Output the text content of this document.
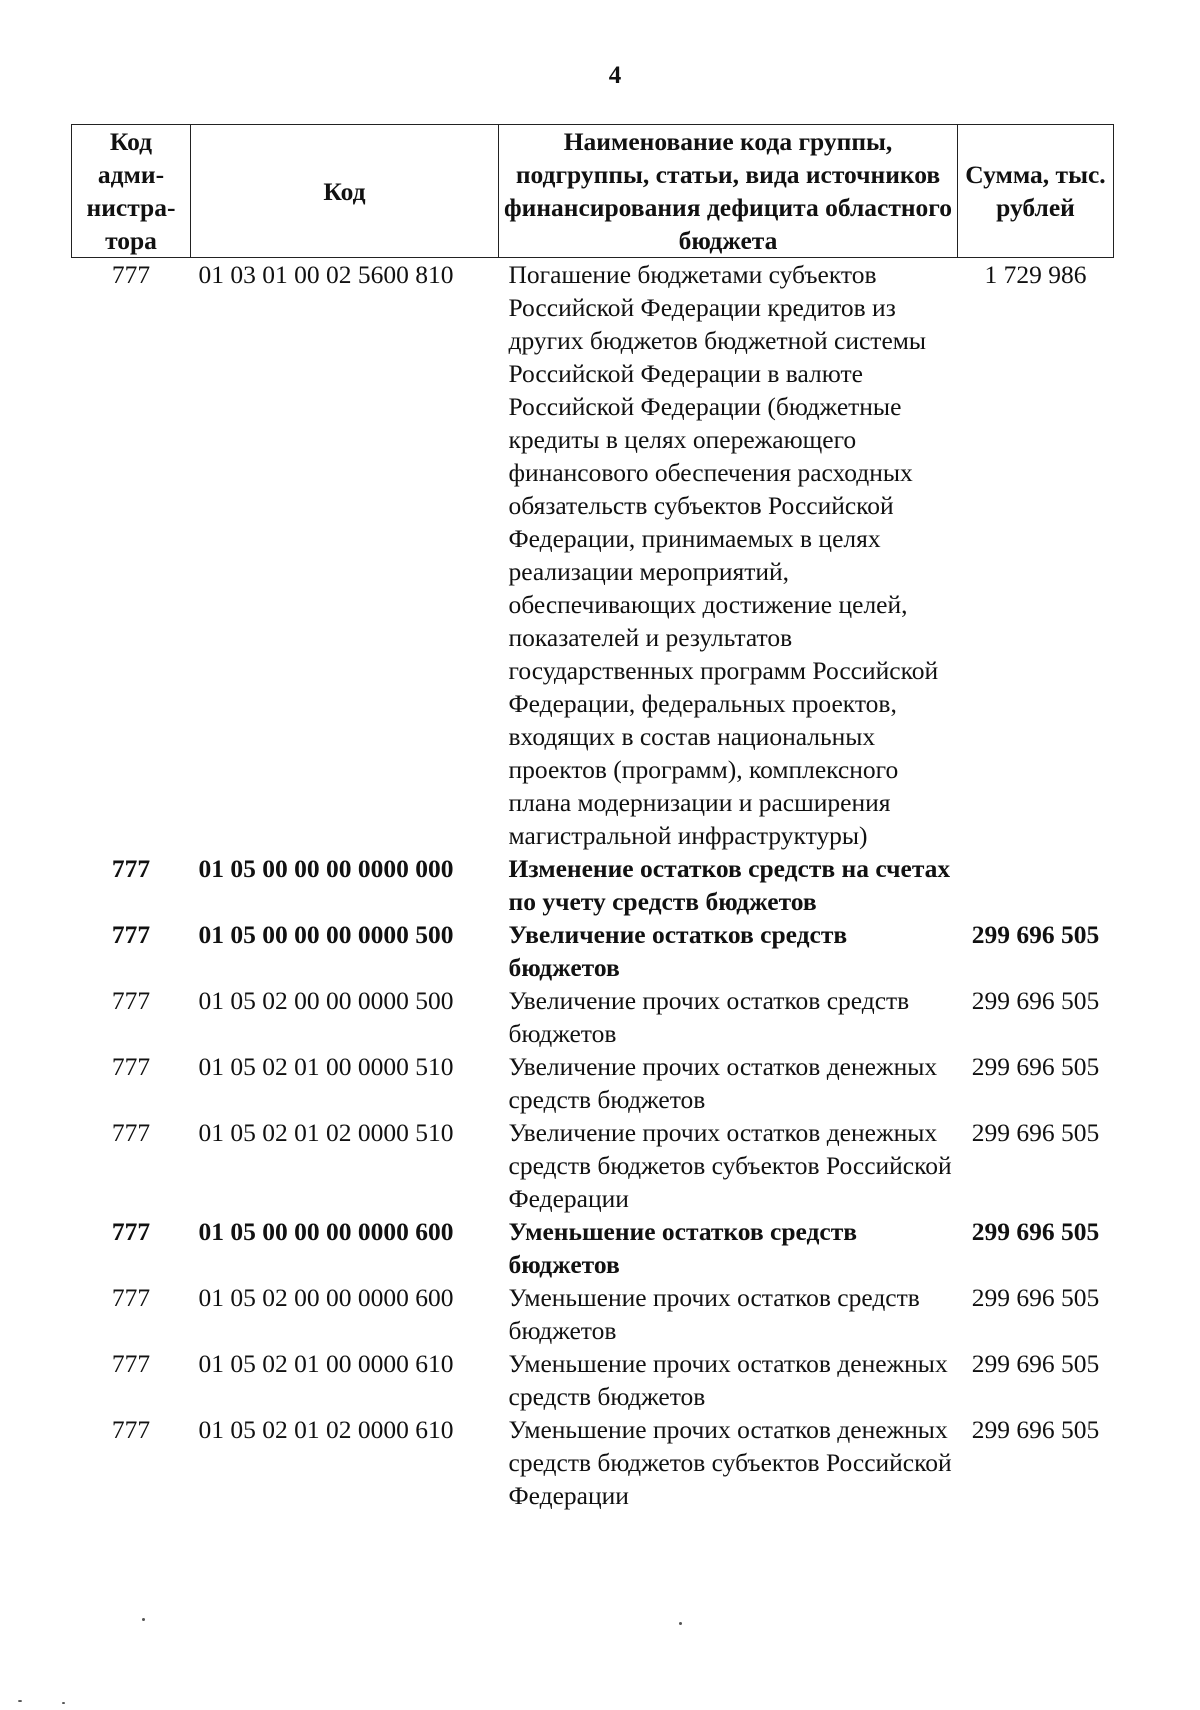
4
Код адми-нистра-тора	Код	Наименование кода группы, подгруппы, статьи, вида источников финансирования дефицита областного бюджета	Сумма, тыс. рублей
777	01 03 01 00 02 5600 810	Погашение бюджетами субъектов Российской Федерации кредитов из других бюджетов бюджетной системы Российской Федерации в валюте Российской Федерации (бюджетные кредиты в целях опережающего финансового обеспечения расходных обязательств субъектов Российской Федерации, принимаемых в целях реализации мероприятий, обеспечивающих достижение целей, показателей и результатов государственных программ Российской Федерации, федеральных проектов, входящих в состав национальных проектов (программ), комплексного плана модернизации и расширения магистральной инфраструктуры)	1 729 986
777	01 05 00 00 00 0000 000	Изменение остатков средств на счетах по учету средств бюджетов	
777	01 05 00 00 00 0000 500	Увеличение остатков средств бюджетов	299 696 505
777	01 05 02 00 00 0000 500	Увеличение прочих остатков средств бюджетов	299 696 505
777	01 05 02 01 00 0000 510	Увеличение прочих остатков денежных средств бюджетов	299 696 505
777	01 05 02 01 02 0000 510	Увеличение прочих остатков денежных средств бюджетов субъектов Российской Федерации	299 696 505
777	01 05 00 00 00 0000 600	Уменьшение остатков средств бюджетов	299 696 505
777	01 05 02 00 00 0000 600	Уменьшение прочих остатков средств бюджетов	299 696 505
777	01 05 02 01 00 0000 610	Уменьшение прочих остатков денежных средств бюджетов	299 696 505
777	01 05 02 01 02 0000 610	Уменьшение прочих остатков денежных средств бюджетов субъектов Российской Федерации	299 696 505
